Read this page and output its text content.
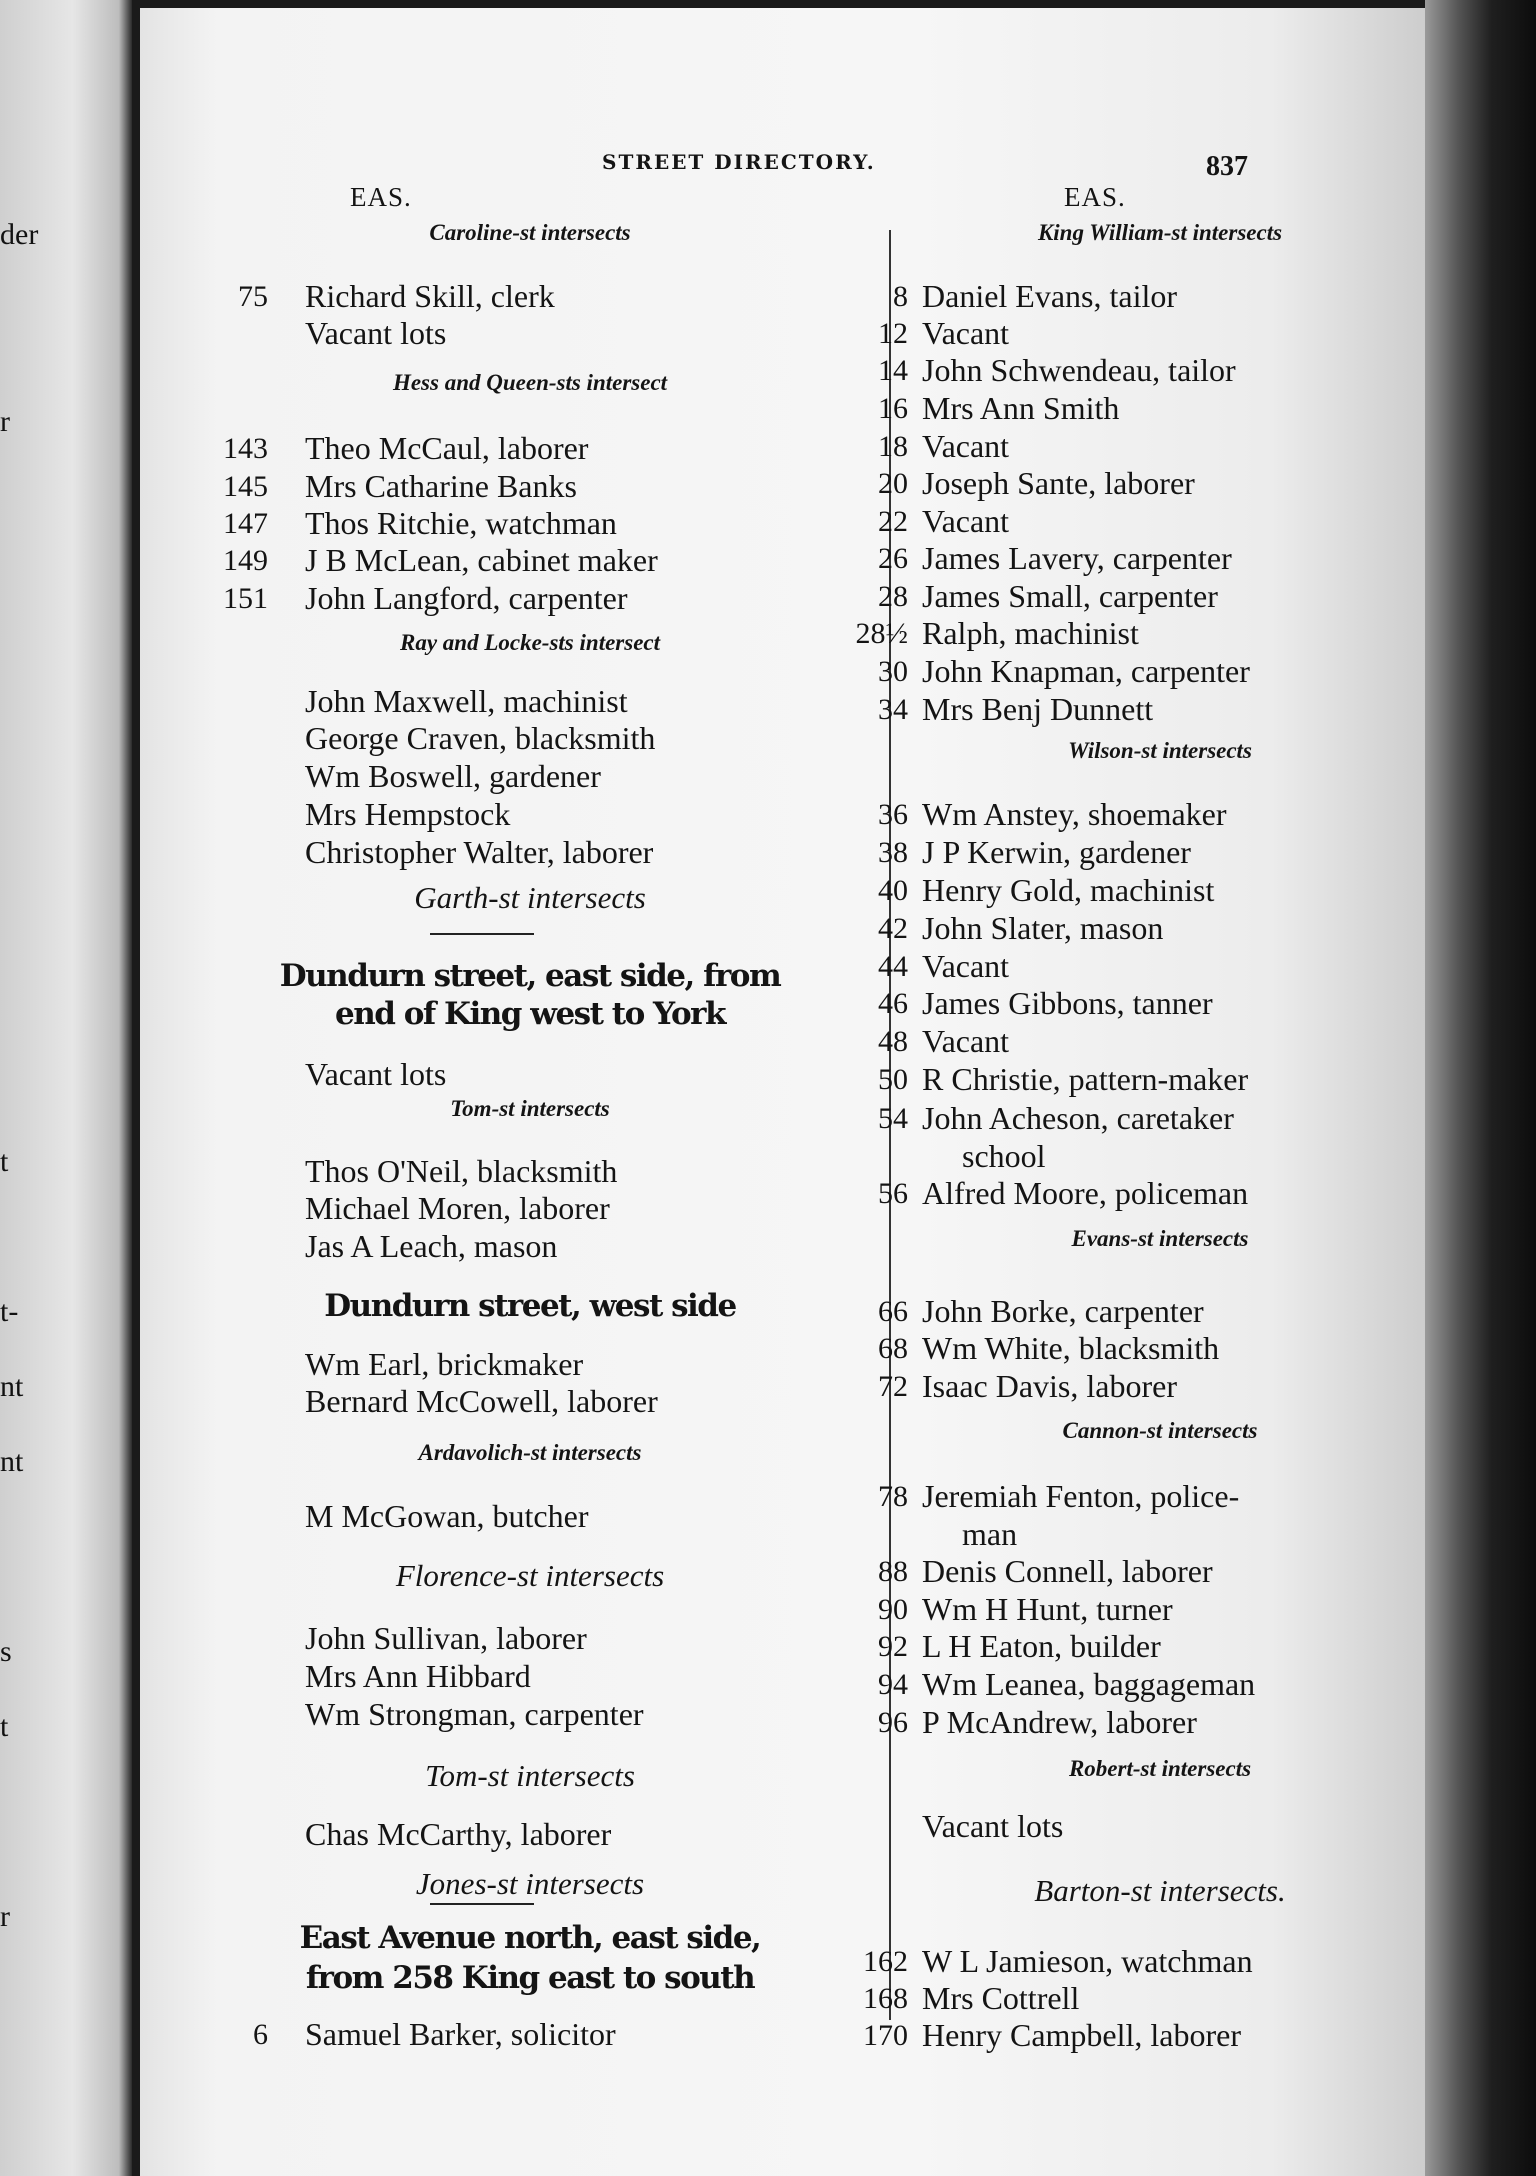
der
r
t
t-
nt
nt
s
t
r
STREET DIRECTORY.
EAS.	EAS.
837
Caroline-st intersects
75 Richard Skill, clerk
Vacant lots
Hess and Queen-sts intersect
143 Theo McCaul, laborer
145 Mrs Catharine Banks
147 Thos Ritchie, watchman
149 J B McLean, cabinet maker
151 John Langford, carpenter
Ray and Locke-sts intersect
John Maxwell, machinist
George Craven, blacksmith
Wm Boswell, gardener
Mrs Hempstock
Christopher Walter, laborer
Garth-st intersects
Dundurn street, east side, from
end of King west to York
Vacant lots
Tom-st intersects
Thos O'Neil, blacksmith
Michael Moren, laborer
Jas A Leach, mason
Dundurn street, west side
Wm Earl, brickmaker
Bernard McCowell, laborer
Ardavolich-st intersects
M McGowan, butcher
Florence-st intersects
John Sullivan, laborer
Mrs Ann Hibbard
Wm Strongman, carpenter
Tom-st intersects
Chas McCarthy, laborer
Jones-st intersects
East Avenue north, east side,
from 258 King east to south
6 Samuel Barker, solicitor
King William-st intersects
8 Daniel Evans, tailor
12 Vacant
14 John Schwendeau, tailor
16 Mrs Ann Smith
18 Vacant
20 Joseph Sante, laborer
22 Vacant
26 James Lavery, carpenter
28 James Small, carpenter
28½ Ralph, machinist
30 John Knapman, carpenter
34 Mrs Benj Dunnett
Wilson-st intersects
36 Wm Anstey, shoemaker
38 J P Kerwin, gardener
40 Henry Gold, machinist
42 John Slater, mason
44 Vacant
46 James Gibbons, tanner
48 Vacant
50 R Christie, pattern-maker
54 John Acheson, caretaker
school
56 Alfred Moore, policeman
Evans-st intersects
66 John Borke, carpenter
68 Wm White, blacksmith
72 Isaac Davis, laborer
Cannon-st intersects
78 Jeremiah Fenton, police-
man
88 Denis Connell, laborer
90 Wm H Hunt, turner
92 L H Eaton, builder
94 Wm Leanea, baggageman
96 P McAndrew, laborer
Robert-st intersects
Vacant lots
Barton-st intersects.
162 W L Jamieson, watchman
168 Mrs Cottrell
170 Henry Campbell, laborer
